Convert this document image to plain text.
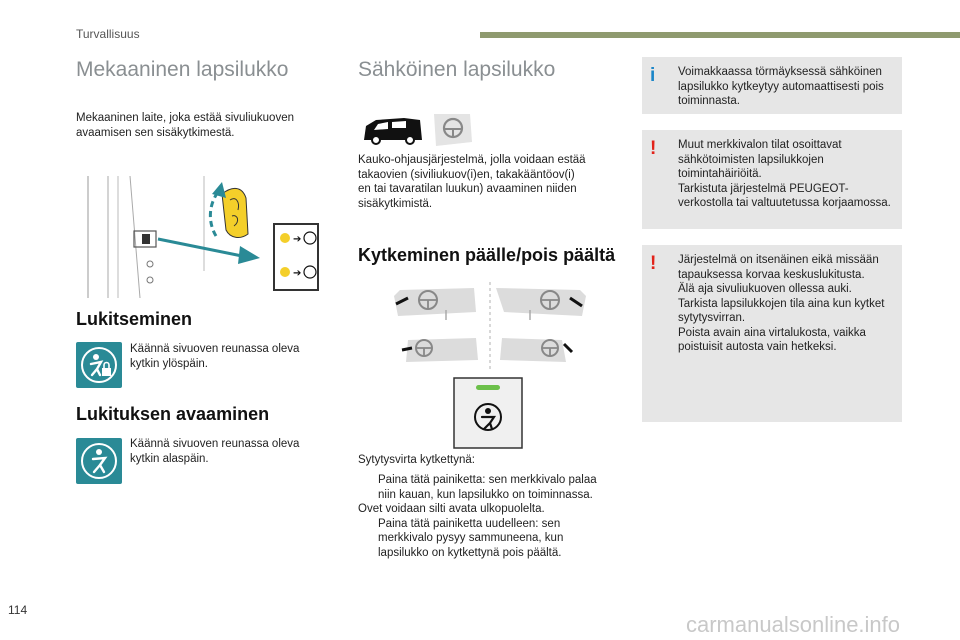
Turvallisuus
Mekaaninen lapsilukko
Mekaaninen laite, joka estää sivuliukuoven
avaamisen sen sisäkytkimestä.
➔
➔
Lukitseminen
Käännä sivuoven reunassa oleva
kytkin ylöspäin.
Lukituksen avaaminen
Käännä sivuoven reunassa oleva
kytkin alaspäin.
Sähköinen lapsilukko
Kauko-ohjausjärjestelmä, jolla voidaan estää
takaovien (siviliukuov(i)en, takakääntöov(i)
en tai tavaratilan luukun) avaaminen niiden
sisäkytkimistä.
Kytkeminen päälle/pois päältä
Sytytysvirta kytkettynä:
Paina tätä painiketta: sen merkkivalo palaa
niin kauan, kun lapsilukko on toiminnassa.
Ovet voidaan silti avata ulkopuolelta.
Paina tätä painiketta uudelleen: sen
merkkivalo pysyy sammuneena, kun
lapsilukko on kytkettynä pois päältä.
i Voimakkaassa törmäyksessä sähköinen
lapsilukko kytkeytyy automaattisesti pois
toiminnasta.
! Muut merkkivalon tilat osoittavat
sähkötoimisten lapsilukkojen
toimintahäiriöitä.
Tarkistuta järjestelmä PEUGEOT-
verkostolla tai valtuutetussa korjaamossa.
! Järjestelmä on itsenäinen eikä missään
tapauksessa korvaa keskuslukitusta.
Älä aja sivuliukuoven ollessa auki.
Tarkista lapsilukkojen tila aina kun kytket
sytytysvirran.
Poista avain aina virtalukosta, vaikka
poistuisit autosta vain hetkeksi.
114
carmanualsonline.info
